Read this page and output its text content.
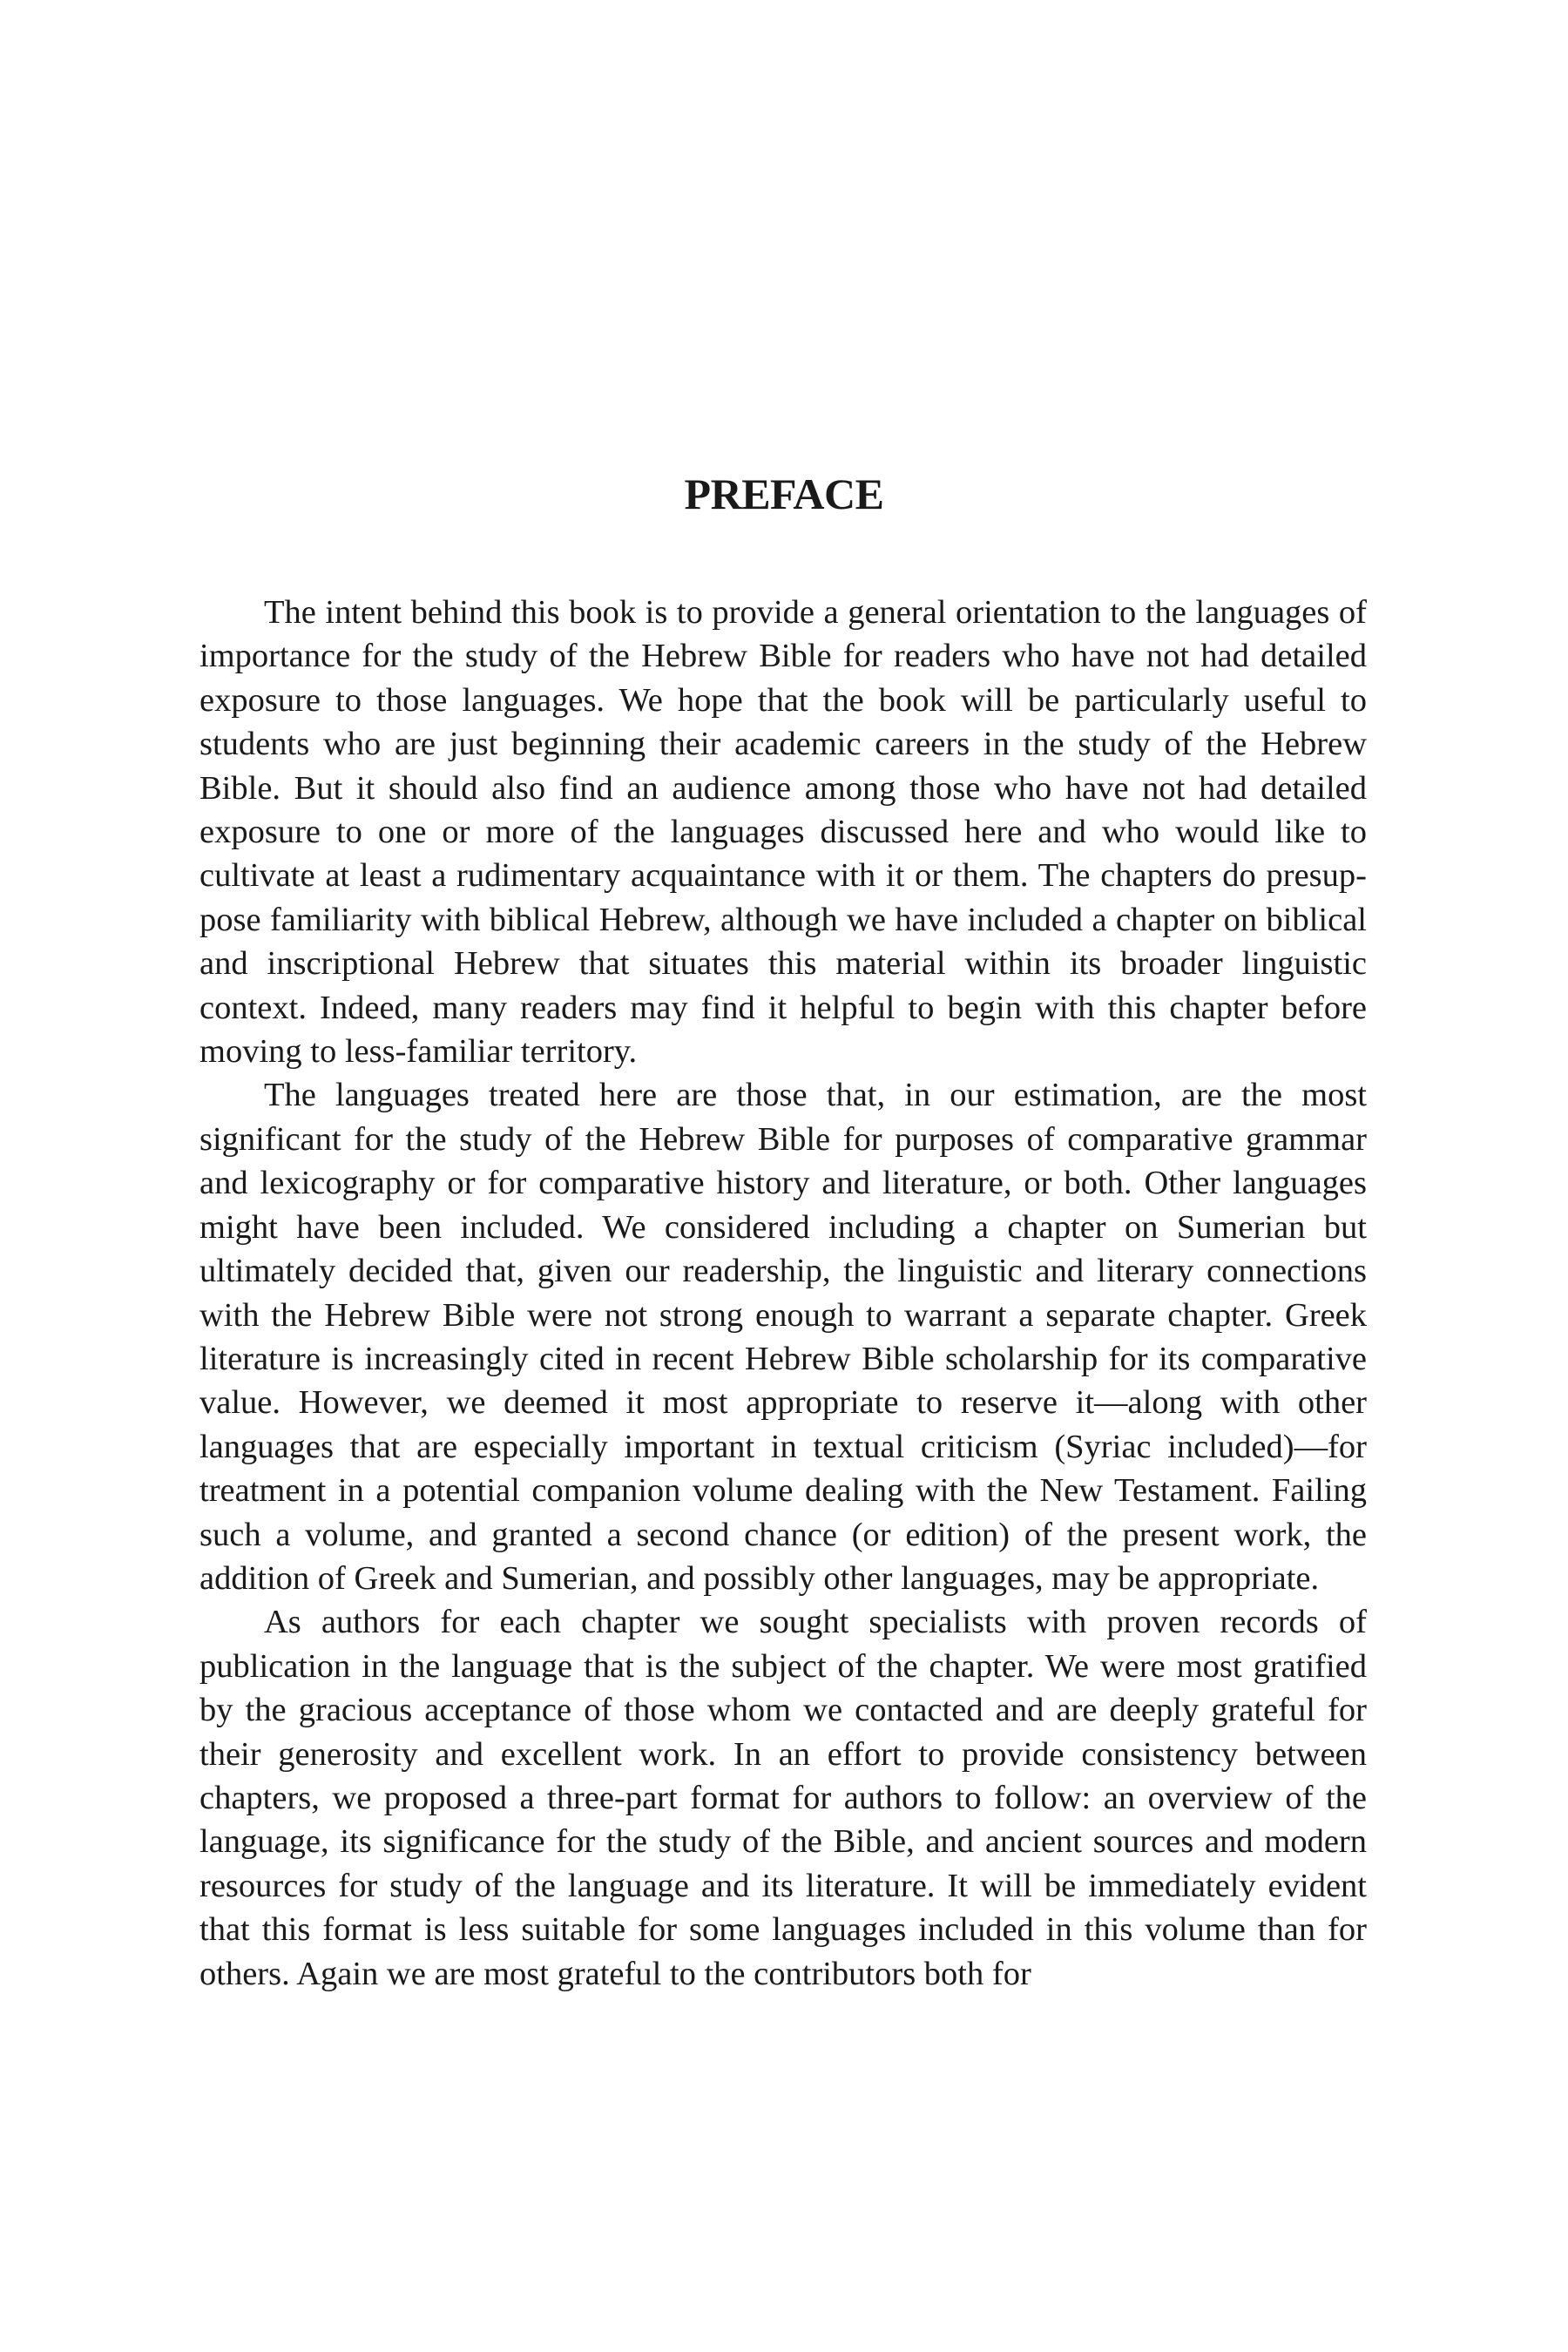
PREFACE

The intent behind this book is to provide a general orientation to the languages of importance for the study of the Hebrew Bible for readers who have not had detailed exposure to those languages. We hope that the book will be particularly useful to students who are just beginning their academic careers in the study of the Hebrew Bible. But it should also find an audience among those who have not had detailed exposure to one or more of the languages discussed here and who would like to cultivate at least a rudimentary acquaintance with it or them. The chapters do presuppose familiarity with biblical Hebrew, although we have included a chapter on biblical and inscriptional Hebrew that situates this material within its broader linguistic context. Indeed, many readers may find it helpful to begin with this chapter before moving to less-familiar territory.

The languages treated here are those that, in our estimation, are the most significant for the study of the Hebrew Bible for purposes of comparative grammar and lexicography or for comparative history and literature, or both. Other languages might have been included. We considered including a chapter on Sumerian but ultimately decided that, given our readership, the linguistic and literary connections with the Hebrew Bible were not strong enough to warrant a separate chapter. Greek literature is increasingly cited in recent Hebrew Bible scholarship for its comparative value. However, we deemed it most appropriate to reserve it—along with other languages that are especially important in textual criticism (Syriac included)—for treatment in a potential companion volume dealing with the New Testament. Failing such a volume, and granted a second chance (or edition) of the present work, the addition of Greek and Sumerian, and possibly other languages, may be appropriate.

As authors for each chapter we sought specialists with proven records of publication in the language that is the subject of the chapter. We were most gratified by the gracious acceptance of those whom we contacted and are deeply grateful for their generosity and excellent work. In an effort to provide consistency between chapters, we proposed a three-part format for authors to follow: an overview of the language, its significance for the study of the Bible, and ancient sources and modern resources for study of the language and its literature. It will be immediately evident that this format is less suitable for some languages included in this volume than for others. Again we are most grateful to the contributors both for
